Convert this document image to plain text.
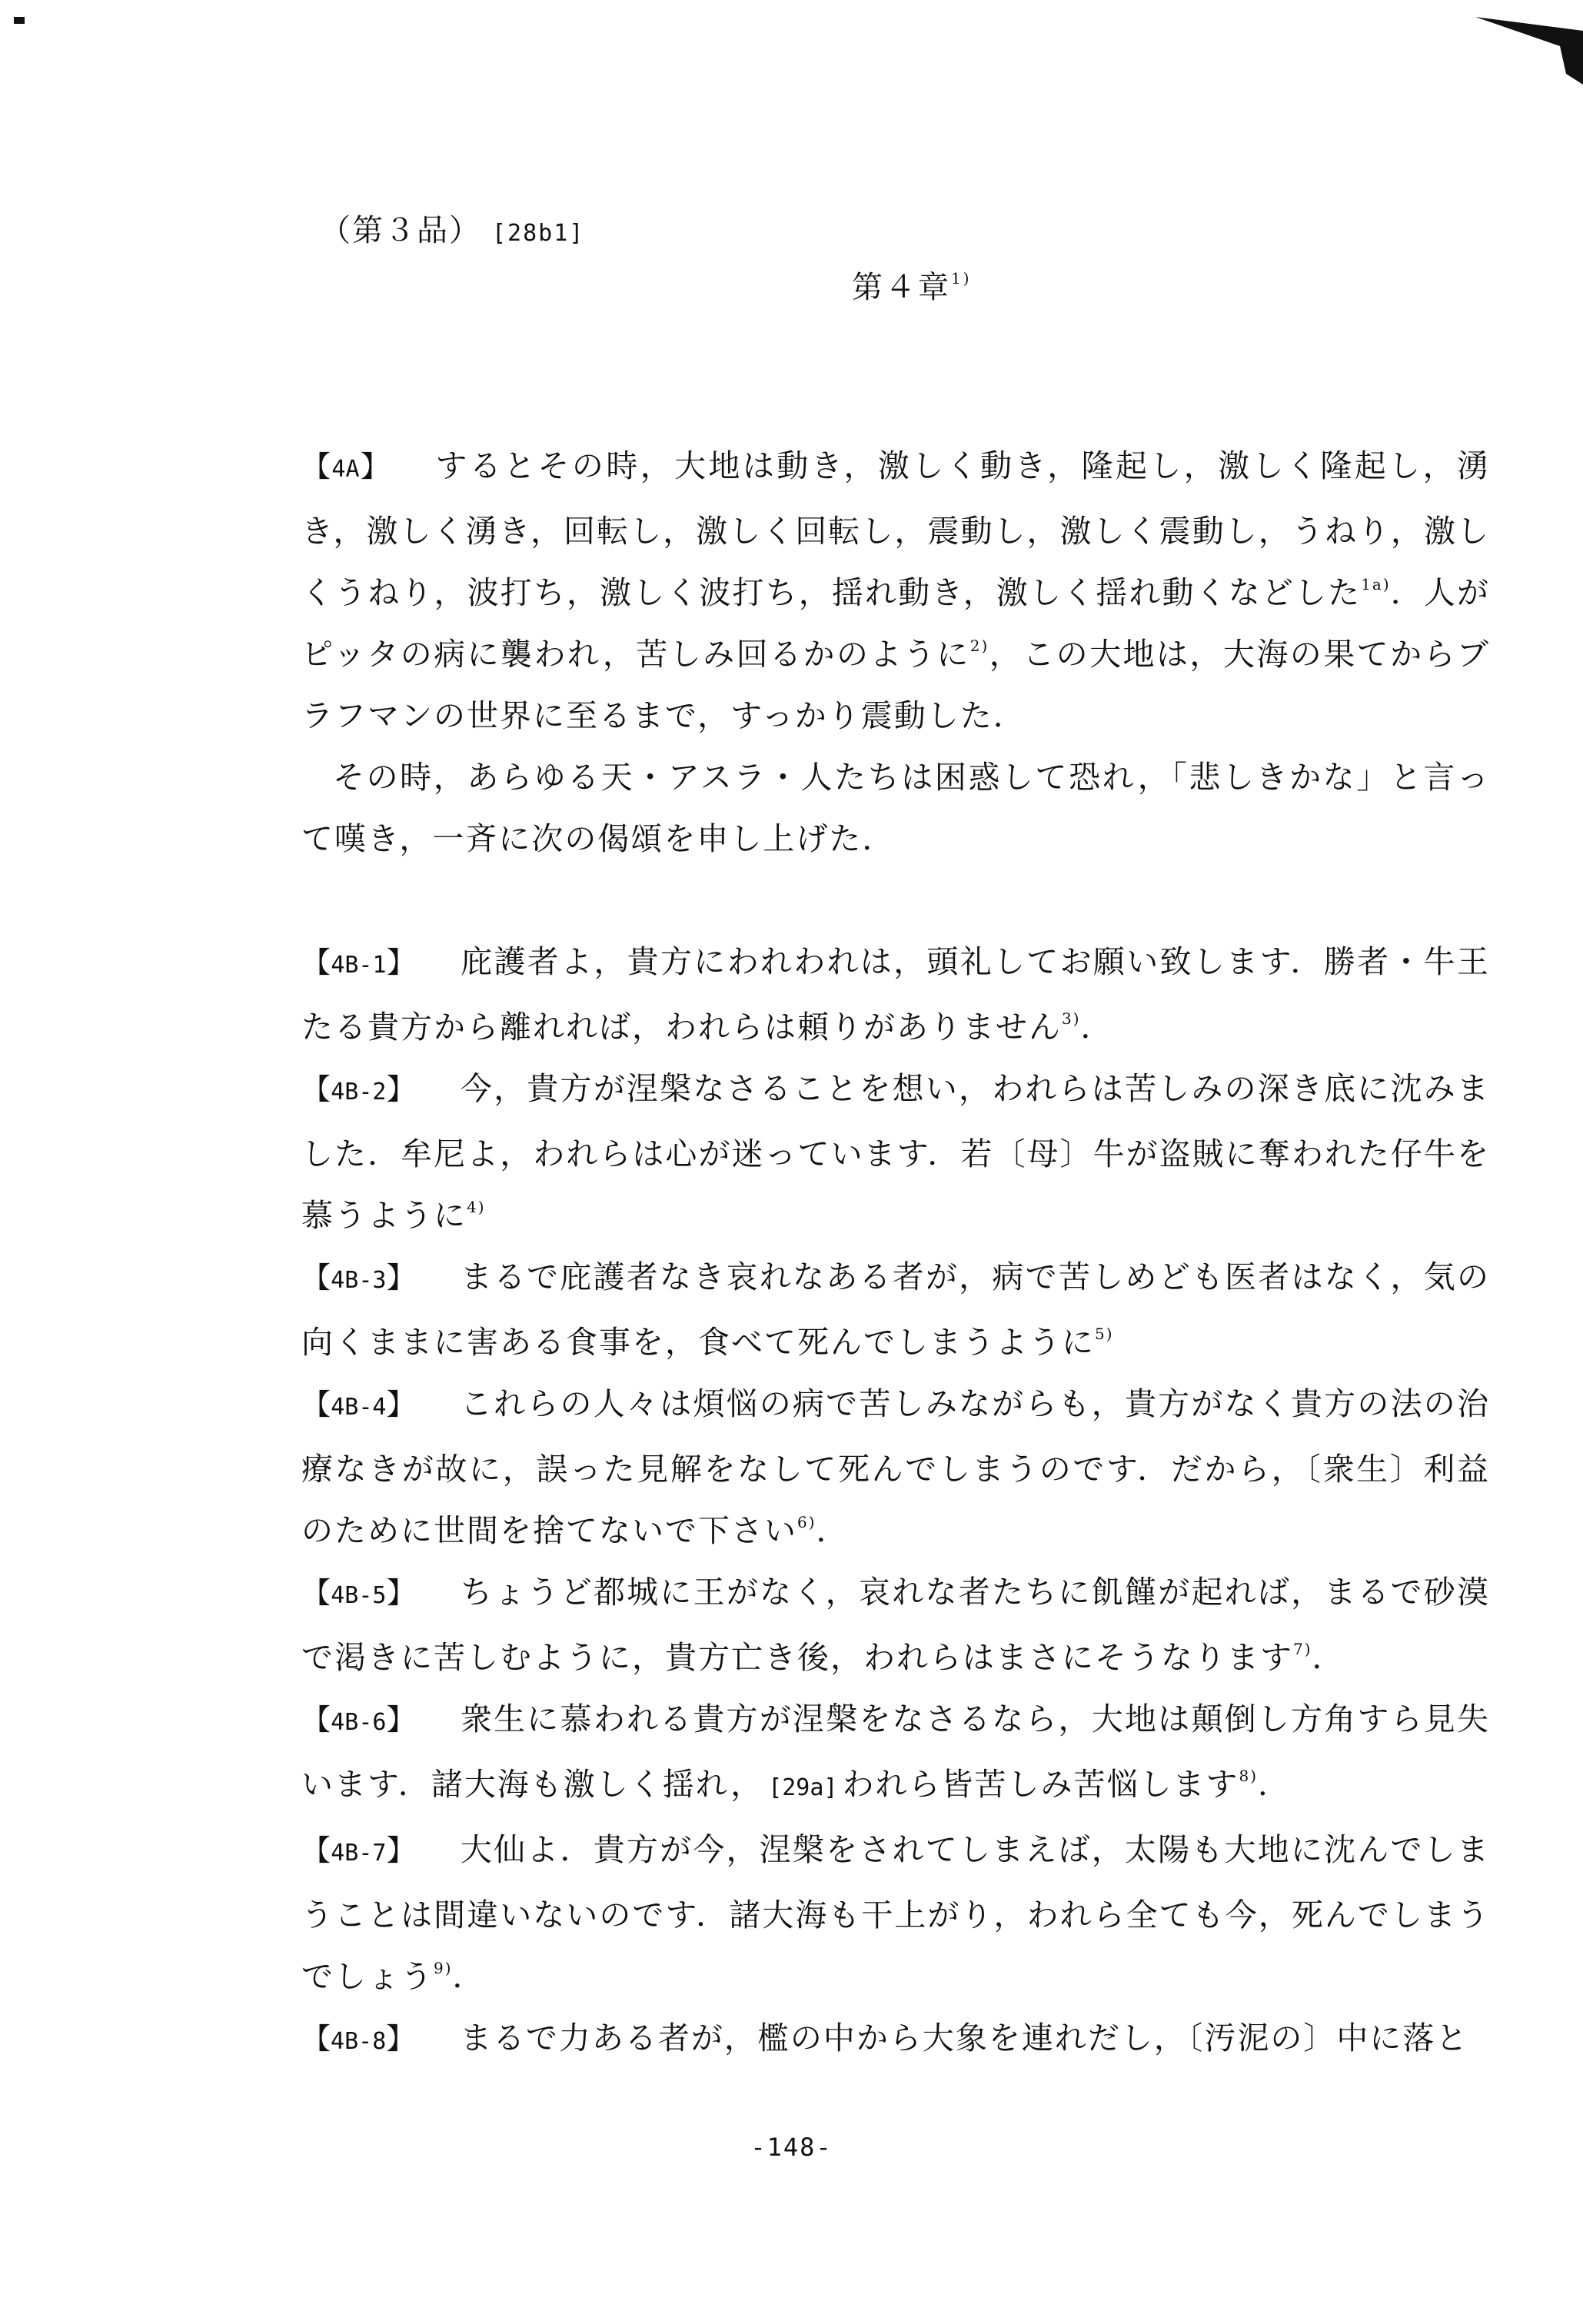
（第３品） [28b1]
第４章$^{1)}$

【4A】 するとその時，大地は動き，激しく動き，隆起し，激しく隆起し，湧き，激しく湧き，回転し，激しく回転し，震動し，激しく震動し，うねり，激しくうねり，波打ち，激しく波打ち，揺れ動き，激しく揺れ動くなどした$^{1a)}$．人がピッタの病に襲われ，苦しみ回るかのように$^{2)}$，この大地は，大海の果てからブラフマンの世界に至るまで，すっかり震動した．

その時，あらゆる天・アスラ・人たちは困惑して恐れ，「悲しきかな」と言って嘆き，一斉に次の偈頌を申し上げた．

【4B-1】 庇護者よ，貴方にわれわれは，頭礼してお願い致します．勝者・牛王たる貴方から離れれば，われらは頼りがありません$^{3)}$．

【4B-2】 今，貴方が涅槃なさることを想い，われらは苦しみの深き底に沈みました．牟尼よ，われらは心が迷っています．若〔母〕牛が盗賊に奪われた仔牛を慕うように$^{4)}$

【4B-3】 まるで庇護者なき哀れなある者が，病で苦しめども医者はなく，気の向くままに害ある食事を，食べて死んでしまうように$^{5)}$

【4B-4】 これらの人々は煩悩の病で苦しみながらも，貴方がなく貴方の法の治療なきが故に，誤った見解をなして死んでしまうのです．だから，〔衆生〕利益のために世間を捨てないで下さい$^{6)}$．

【4B-5】 ちょうど都城に王がなく，哀れな者たちに飢饉が起れば，まるで砂漠で渇きに苦しむように，貴方亡き後，われらはまさにそうなります$^{7)}$．

【4B-6】 衆生に慕われる貴方が涅槃をなさるなら，大地は顛倒し方角すら見失います．諸大海も激しく揺れ， [29a] われら皆苦しみ苦悩します$^{8)}$．

【4B-7】 大仙よ．貴方が今，涅槃をされてしまえば，太陽も大地に沈んでしまうことは間違いないのです．諸大海も干上がり，われら全ても今，死んでしまうでしょう$^{9)}$．

【4B-8】 まるで力ある者が，檻の中から大象を連れだし，〔汚泥の〕中に落と

-148-
